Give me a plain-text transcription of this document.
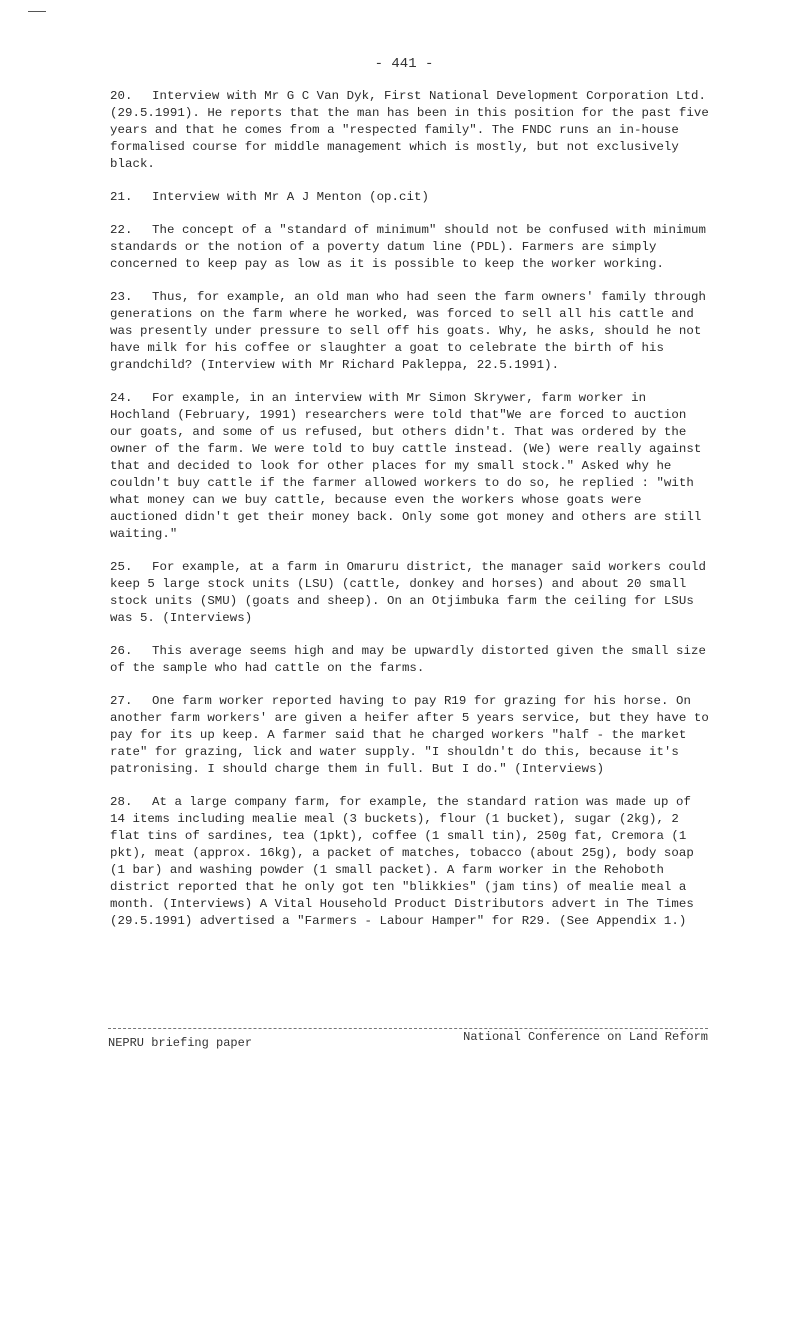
- 441 -

20. Interview with Mr G C Van Dyk, First National Development Corporation Ltd. (29.5.1991). He reports that the man has been in this position for the past five years and that he comes from a "respected family". The FNDC runs an in-house formalised course for middle management which is mostly, but not exclusively black.

21. Interview with Mr A J Menton (op.cit)

22. The concept of a "standard of minimum" should not be confused with minimum standards or the notion of a poverty datum line (PDL). Farmers are simply concerned to keep pay as low as it is possible to keep the worker working.

23. Thus, for example, an old man who had seen the farm owners' family through generations on the farm where he worked, was forced to sell all his cattle and was presently under pressure to sell off his goats. Why, he asks, should he not have milk for his coffee or slaughter a goat to celebrate the birth of his grandchild? (Interview with Mr Richard Pakleppa, 22.5.1991).

24. For example, in an interview with Mr Simon Skrywer, farm worker in Hochland (February, 1991) researchers were told that"We are forced to auction our goats, and some of us refused, but others didn't. That was ordered by the owner of the farm. We were told to buy cattle instead. (We) were really against that and decided to look for other places for my small stock." Asked why he couldn't buy cattle if the farmer allowed workers to do so, he replied : "with what money can we buy cattle, because even the workers whose goats were auctioned didn't get their money back. Only some got money and others are still waiting."

25. For example, at a farm in Omaruru district, the manager said workers could keep 5 large stock units (LSU) (cattle, donkey and horses) and about 20 small stock units (SMU) (goats and sheep). On an Otjimbuka farm the ceiling for LSUs was 5. (Interviews)

26. This average seems high and may be upwardly distorted given the small size of the sample who had cattle on the farms.

27. One farm worker reported having to pay R19 for grazing for his horse. On another farm workers' are given a heifer after 5 years service, but they have to pay for its up keep. A farmer said that he charged workers "half - the market rate" for grazing, lick and water supply. "I shouldn't do this, because it's patronising. I should charge them in full. But I do." (Interviews)

28. At a large company farm, for example, the standard ration was made up of 14 items including mealie meal (3 buckets), flour (1 bucket), sugar (2kg), 2 flat tins of sardines, tea (1pkt), coffee (1 small tin), 250g fat, Cremora (1 pkt), meat (approx. 16kg), a packet of matches, tobacco (about 25g), body soap (1 bar) and washing powder (1 small packet). A farm worker in the Rehoboth district reported that he only got ten "blikkies" (jam tins) of mealie meal a month. (Interviews) A Vital Household Product Distributors advert in The Times (29.5.1991) advertised a "Farmers - Labour Hamper" for R29. (See Appendix 1.)

NEPRU briefing paper	National Conference on Land Reform
